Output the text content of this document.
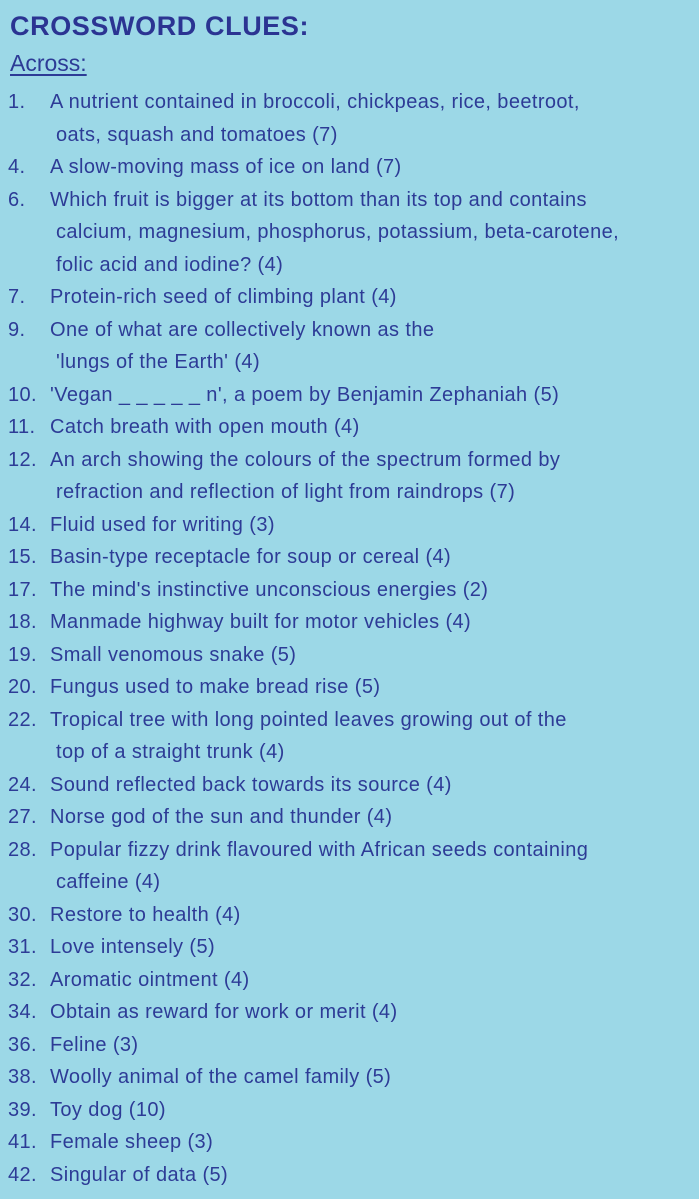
CROSSWORD CLUES:
Across:
1.	A nutrient contained in broccoli, chickpeas, rice, beetroot,
oats, squash and tomatoes (7)
4.	A slow-moving mass of ice on land (7)
6.	Which fruit is bigger at its bottom than its top and contains
calcium, magnesium, phosphorus, potassium, beta-carotene,
folic acid and iodine? (4)
7.	Protein-rich seed of climbing plant (4)
9.	One of what are collectively known as the
'lungs of the Earth' (4)
10. 'Vegan _ _ _ _ _ n', a poem by Benjamin Zephaniah (5)
11. Catch breath with open mouth (4)
12. An arch showing the colours of the spectrum formed by
refraction and reflection of light from raindrops (7)
14. Fluid used for writing (3)
15. Basin-type receptacle for soup or cereal (4)
17. The mind's instinctive unconscious energies (2)
18. Manmade highway built for motor vehicles (4)
19. Small venomous snake (5)
20. Fungus used to make bread rise (5)
22. Tropical tree with long pointed leaves growing out of the
top of a straight trunk (4)
24. Sound reflected back towards its source (4)
27. Norse god of the sun and thunder (4)
28. Popular fizzy drink flavoured with African seeds containing
caffeine (4)
30. Restore to health (4)
31. Love intensely (5)
32. Aromatic ointment (4)
34. Obtain as reward for work or merit (4)
36. Feline (3)
38. Woolly animal of the camel family (5)
39. Toy dog (10)
41. Female sheep (3)
42. Singular of data (5)
